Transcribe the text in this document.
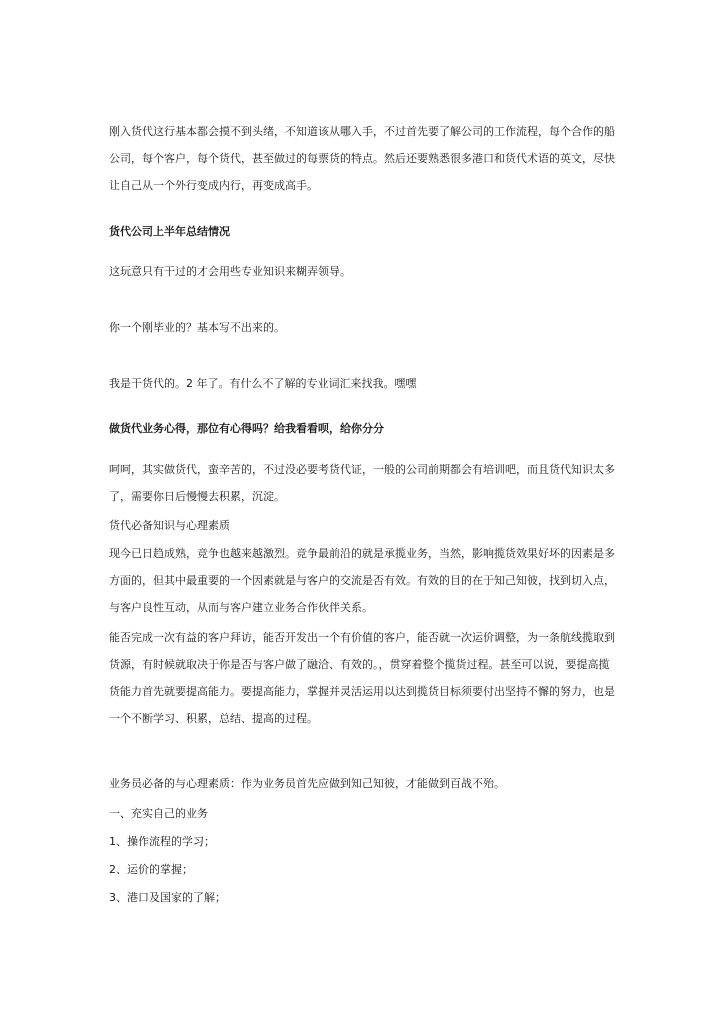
刚入货代这行基本都会摸不到头绪，不知道该从哪入手，不过首先要了解公司的工作流程，每个合作的船公司，每个客户，每个货代，甚至做过的每票货的特点。然后还要熟悉很多港口和货代术语的英文，尽快让自己从一个外行变成内行，再变成高手。

货代公司上半年总结情况

这玩意只有干过的才会用些专业知识来糊弄领导。

你一个刚毕业的？基本写不出来的。

我是干货代的。2 年了。有什么不了解的专业词汇来找我。嘿嘿

做货代业务心得，那位有心得吗？给我看看呗，给你分分

呵呵，其实做货代，蛮辛苦的，不过没必要考货代证，一般的公司前期都会有培训吧，而且货代知识太多了，需要你日后慢慢去积累，沉淀。

货代必备知识与心理素质

现今已日趋成熟，竞争也越来越激烈。竞争最前沿的就是承揽业务，当然，影响揽货效果好坏的因素是多方面的，但其中最重要的一个因素就是与客户的交流是否有效。有效的目的在于知己知彼，找到切入点，与客户良性互动，从而与客户建立业务合作伙伴关系。

能否完成一次有益的客户拜访，能否开发出一个有价值的客户，能否就一次运价调整，为一条航线揽取到货源，有时候就取决于你是否与客户做了融洽、有效的。，贯穿着整个揽货过程。甚至可以说，要提高揽货能力首先就要提高能力。要提高能力，掌握并灵活运用以达到揽货目标须要付出坚持不懈的努力，也是一个不断学习、积累，总结、提高的过程。

业务员必备的与心理素质：作为业务员首先应做到知己知彼，才能做到百战不殆。

一、充实自己的业务

1、操作流程的学习；

2、运价的掌握；

3、港口及国家的了解；
